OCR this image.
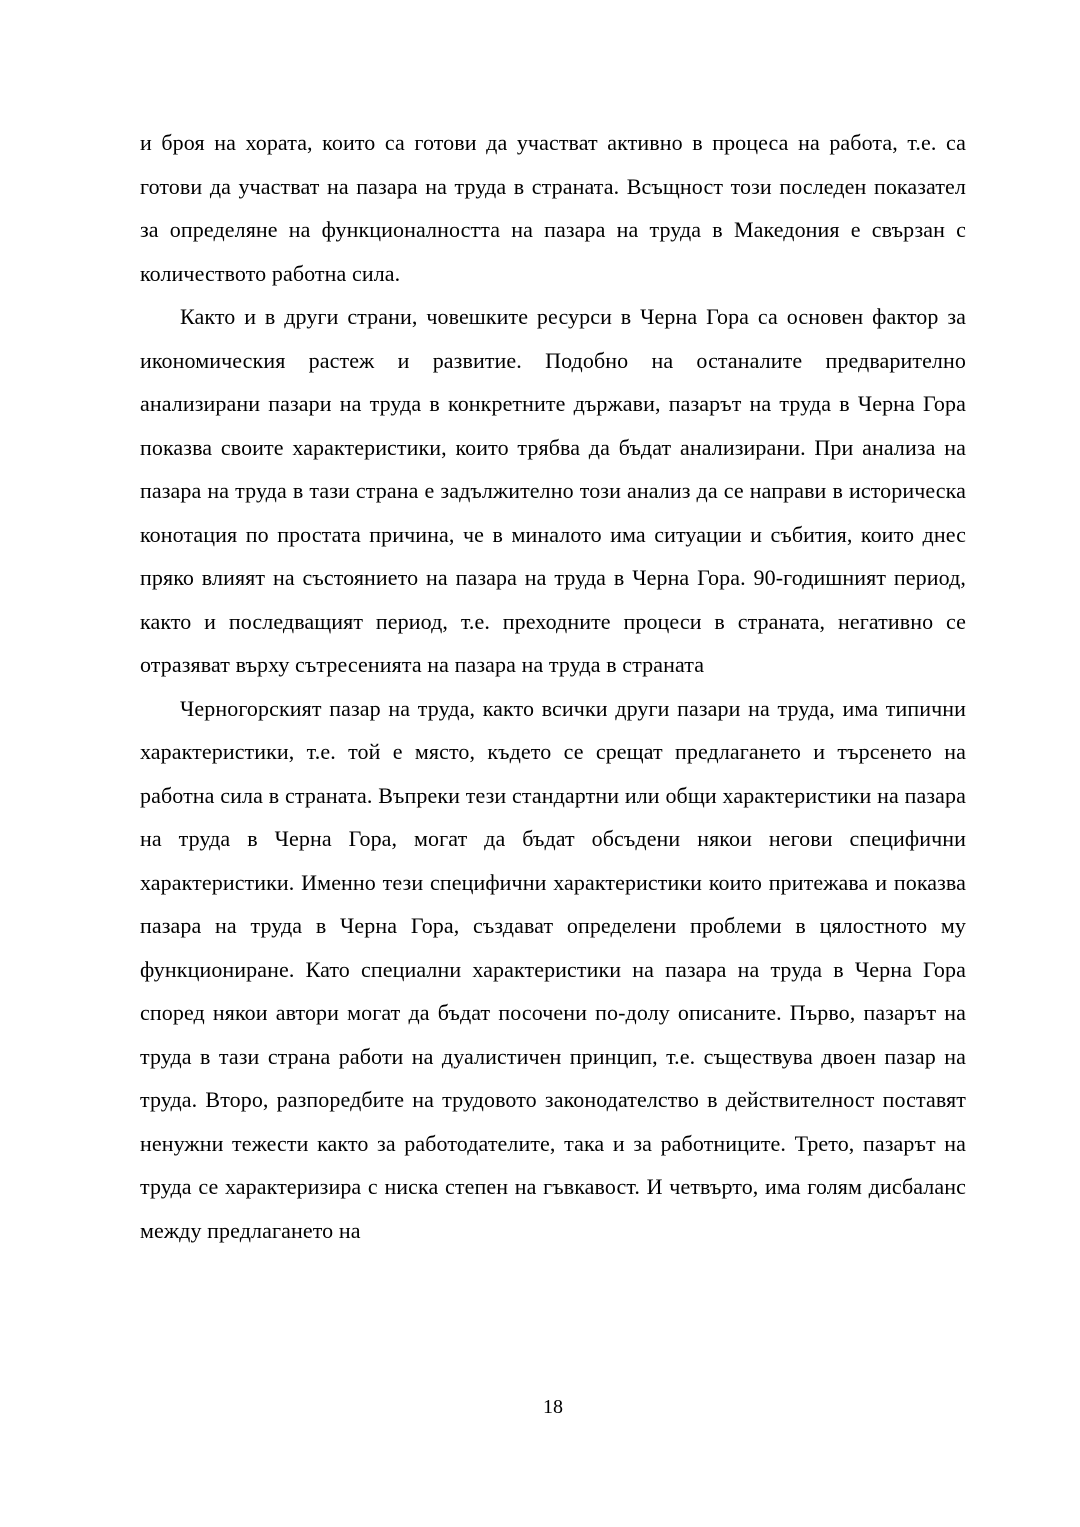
и броя на хората, които са готови да участват активно в процеса на работа, т.е. са готови да участват на пазара на труда в страната. Всъщност този последен показател за определяне на функционалността на пазара на труда в Македония е свързан с количеството работна сила.

Както и в други страни, човешките ресурси в Черна Гора са основен фактор за икономическия растеж и развитие. Подобно на останалите предварително анализирани пазари на труда в конкретните държави, пазарът на труда в Черна Гора показва своите характеристики, които трябва да бъдат анализирани. При анализа на пазара на труда в тази страна е задължително този анализ да се направи в историческа конотация по простата причина, че в миналото има ситуации и събития, които днес пряко влияят на състоянието на пазара на труда в Черна Гора. 90-годишният период, както и последващият период, т.е. преходните процеси в страната, негативно се отразяват върху сътресенията на пазара на труда в страната

Черногорският пазар на труда, както всички други пазари на труда, има типични характеристики, т.е. той е място, където се срещат предлагането и търсенето на работна сила в страната. Въпреки тези стандартни или общи характеристики на пазара на труда в Черна Гора, могат да бъдат обсъдени някои негови специфични характеристики. Именно тези специфични характеристики които притежава и показва пазара на труда в Черна Гора, създават определени проблеми в цялостното му функциониране. Като специални характеристики на пазара на труда в Черна Гора според някои автори могат да бъдат посочени по-долу описаните. Първо, пазарът на труда в тази страна работи на дуалистичен принцип, т.е. съществува двоен пазар на труда. Второ, разпоредбите на трудовото законодателство в действителност поставят ненужни тежести както за работодателите, така и за работниците. Трето, пазарът на труда се характеризира с ниска степен на гъвкавост. И четвърто, има голям дисбаланс между предлагането на

18
